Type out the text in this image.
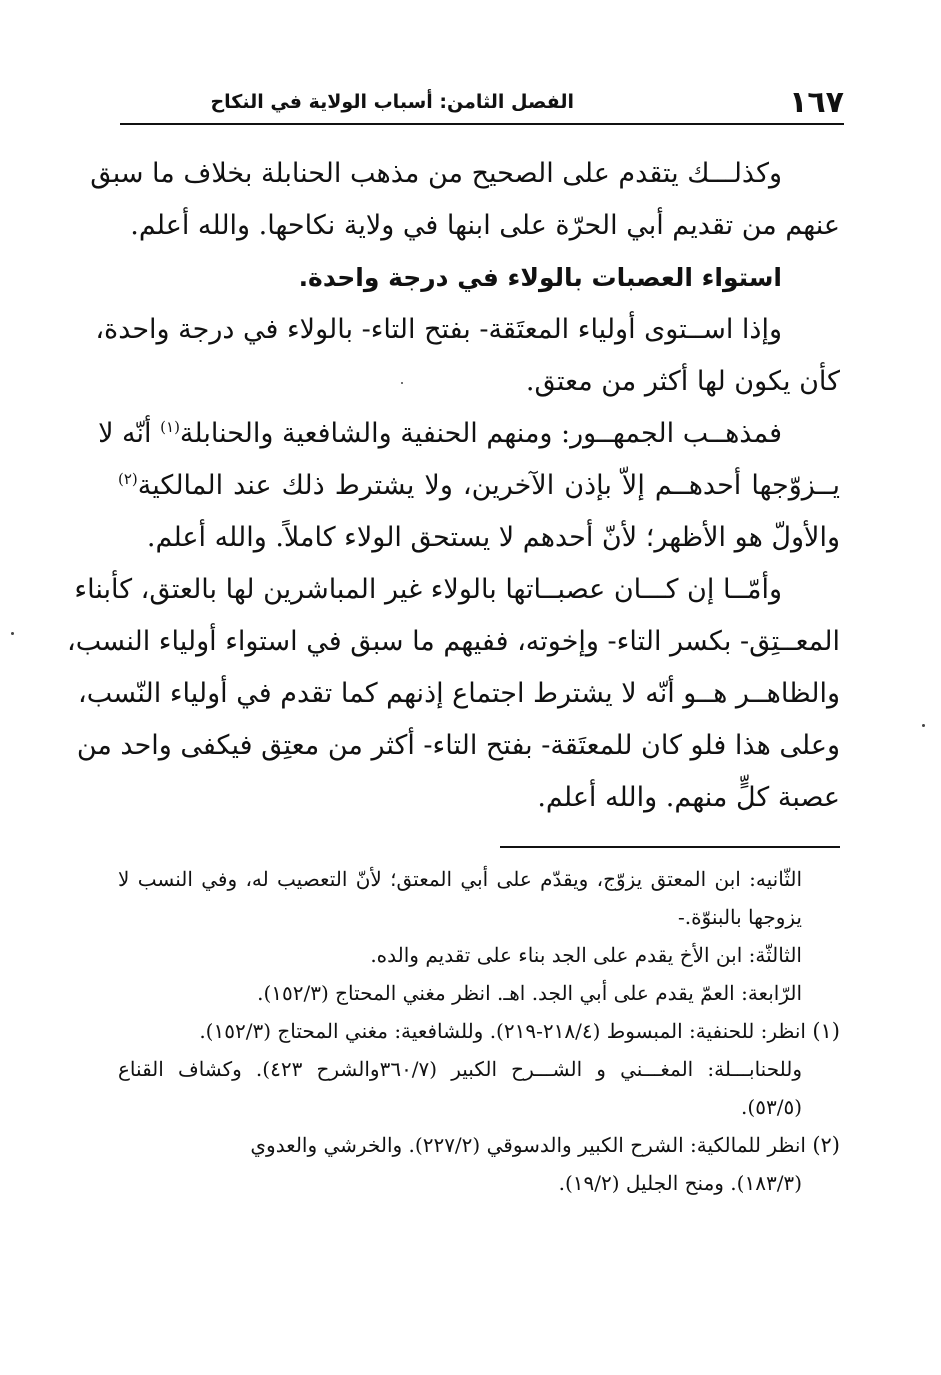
١٦٧
الفصل الثامن: أسباب الولاية في النكاح
وكذلـــك يتقدم على الصحيح من مذهب الحنابلة بخلاف ما سبق
عنهم من تقديم أبي الحرّة على ابنها في ولاية نكاحها. والله أعلم.
استواء العصبات بالولاء في درجة واحدة.
وإذا اســتوى أولياء المعتَقة- بفتح التاء- بالولاء في درجة واحدة،
كأن يكون لها أكثر من معتق.
فمذهــب الجمهــور: ومنهم الحنفية والشافعية والحنابلة$^{(١)}$ أنّه لا
يــزوّجها أحدهــم إلاّ بإذن الآخرين، ولا يشترط ذلك عند المالكية$^{(٢)}$
والأولّ هو الأظهر؛ لأنّ أحدهم لا يستحق الولاء كاملاً. والله أعلم.
وأمّــا إن كـــان عصبــاتها بالولاء غير المباشرين لها بالعتق، كأبناء
المعــتِق- بكسر التاء- وإخوته، ففيهم ما سبق في استواء أولياء النسب،
والظاهــر هــو أنّه لا يشترط اجتماع إذنهم كما تقدم في أولياء النّسب،
وعلى هذا فلو كان للمعتَقة- بفتح التاء- أكثر من معتِق فيكفى واحد من
عصبة كلٍّ منهم. والله أعلم.
الثّانيه: ابن المعتق يزوّج، ويقدّم على أبي المعتق؛ لأنّ التعصيب له، وفي النسب لا
يزوجها بالبنوّة.-
الثالثّة: ابن الأخ يقدم على الجد بناء على تقديم والده.
الرّابعة: العمّ يقدم على أبي الجد. اهـ. انظر مغني المحتاج (١٥٢/٣).
(١) انظر: للحنفية: المبسوط (٢١٨/٤-٢١٩). وللشافعية: مغني المحتاج (١٥٢/٣).
وللحنابـــلة: المغـــني و الشـــرح الكبير (٣٦٠/٧والشرح ٤٢٣). وكشاف القناع
(٥٣/٥).
(٢) انظر للمالكية: الشرح الكبير والدسوقي (٢٢٧/٢). والخرشي والعدوي
(١٨٣/٣). ومنح الجليل (١٩/٢).
